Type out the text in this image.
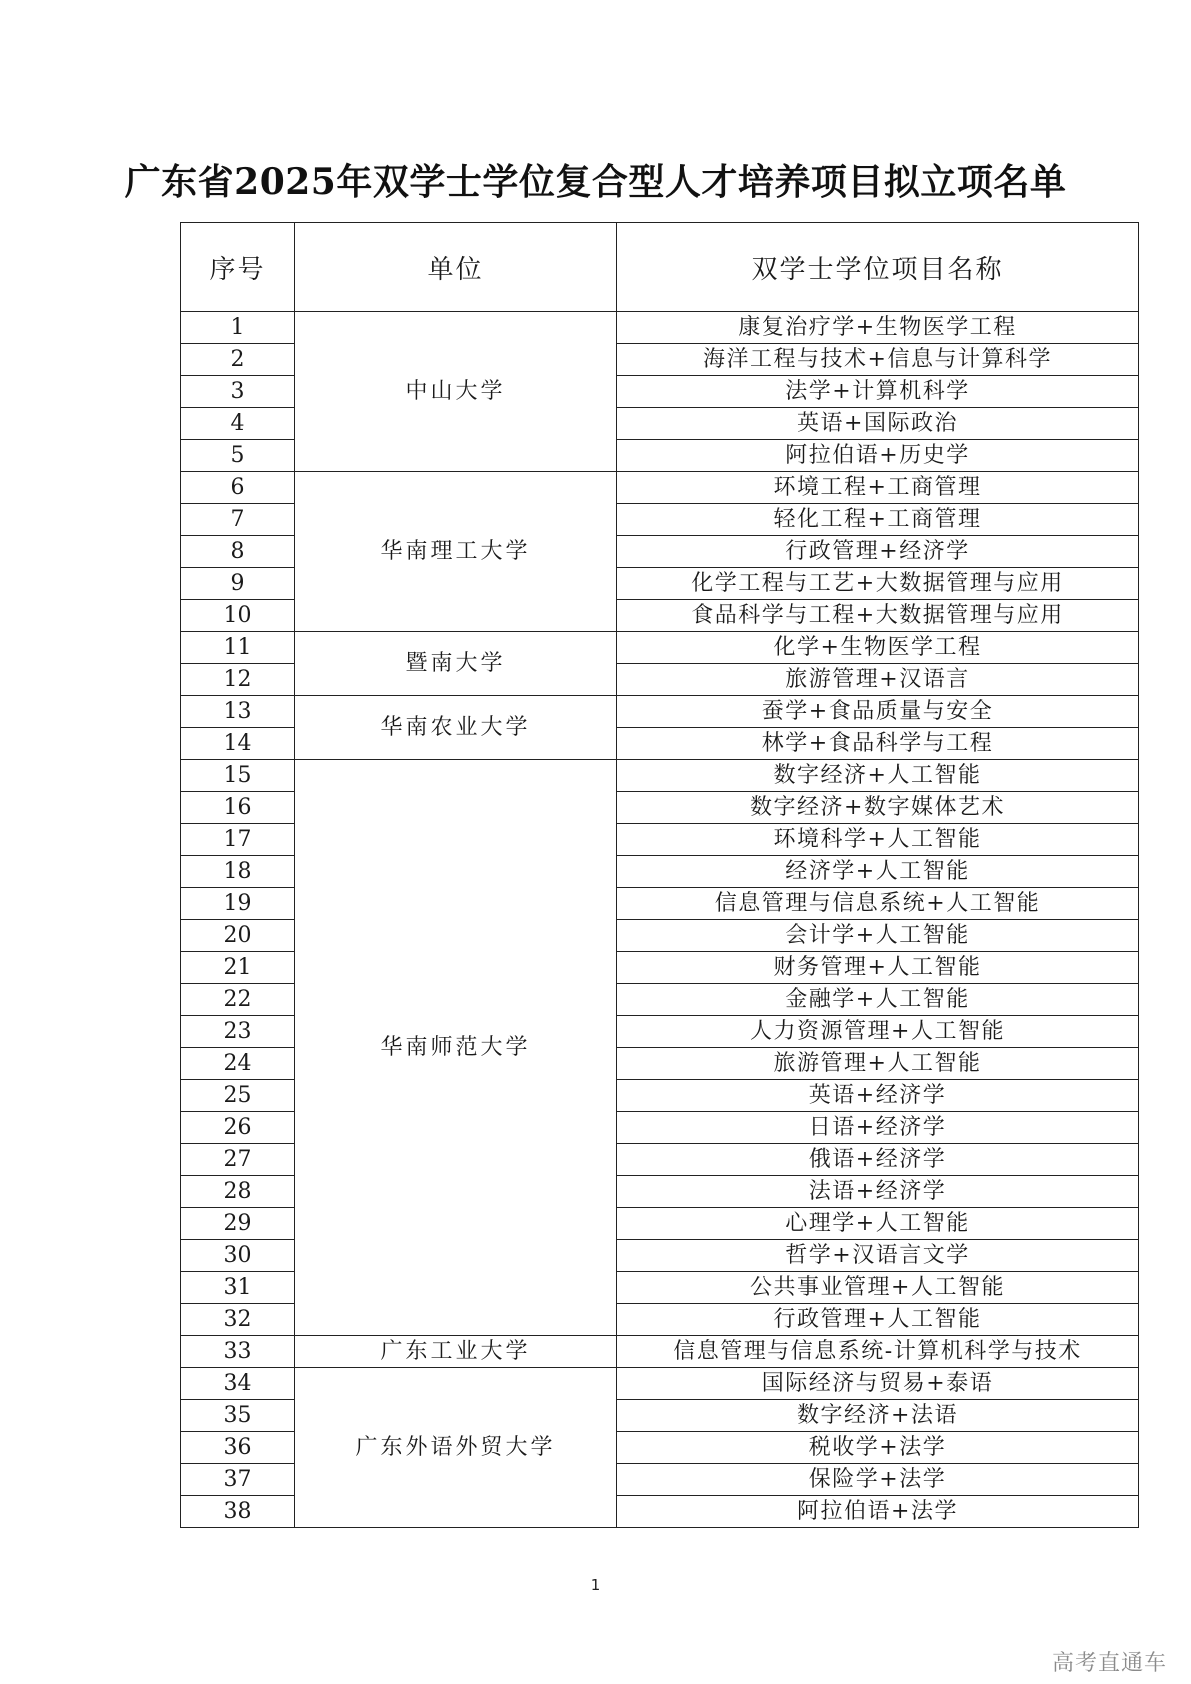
广东省2025年双学士学位复合型人才培养项目拟立项名单
序号	单位	双学士学位项目名称
1	中山大学	康复治疗学+生物医学工程
2		海洋工程与技术+信息与计算科学
3		法学+计算机科学
4		英语+国际政治
5		阿拉伯语+历史学
6	华南理工大学	环境工程+工商管理
7		轻化工程+工商管理
8		行政管理+经济学
9		化学工程与工艺+大数据管理与应用
10		食品科学与工程+大数据管理与应用
11	暨南大学	化学+生物医学工程
12		旅游管理+汉语言
13	华南农业大学	蚕学+食品质量与安全
14		林学+食品科学与工程
15	华南师范大学	数字经济+人工智能
16		数字经济+数字媒体艺术
17		环境科学+人工智能
18		经济学+人工智能
19		信息管理与信息系统+人工智能
20		会计学+人工智能
21		财务管理+人工智能
22		金融学+人工智能
23		人力资源管理+人工智能
24		旅游管理+人工智能
25		英语+经济学
26		日语+经济学
27		俄语+经济学
28		法语+经济学
29		心理学+人工智能
30		哲学+汉语言文学
31		公共事业管理+人工智能
32		行政管理+人工智能
33	广东工业大学	信息管理与信息系统-计算机科学与技术
34	广东外语外贸大学	国际经济与贸易+泰语
35		数字经济+法语
36		税收学+法学
37		保险学+法学
38		阿拉伯语+法学
1
高考直通车
